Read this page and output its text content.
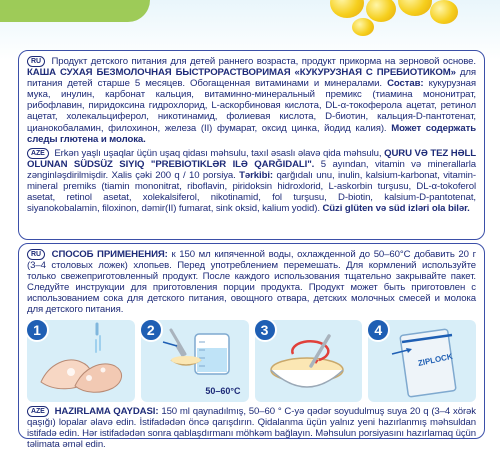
RU Продукт детского питания для детей раннего возраста, продукт прикорма на зерновой основе. КАША СУХАЯ БЕЗМОЛОЧНАЯ БЫСТРОРАСТВОРИМАЯ «КУКУРУЗНАЯ С ПРЕБИОТИКОМ» для питания детей старше 5 месяцев. Обогащенная витаминами и минералами. Состав: кукурузная мука, инулин, карбонат кальция, витаминно-минеральный премикс (тиамина мононитрат, рибофлавин, пиридоксина гидрохлорид, L-аскорбиновая кислота, DL-α-токоферола ацетат, ретинол ацетат, холекальциферол, никотинамид, фолиевая кислота, D-биотин, кальция-D-пантотенат, цианокобаламин, филохинон, железа (II) фумарат, оксид цинка, йодид калия). Может содержать следы глютена и молока.

AZE Erkən yaşlı uşaqlar üçün uşaq qidası məhsulu, taxıl əsaslı əlavə qida məhsulu, QURU VƏ TEZ HƏLL OLUNAN SÜDSÜZ SIYIQ "PREBIOTIKLƏR ILƏ QARĞIDALI". 5 ayından, vitamin və minerallarla zənginləşdirilmişdir. Xalis çəki 200 q / 10 porsiya. Tərkibi: qarğıdalı unu, inulin, kalsium-karbonat, vitamin-mineral premiks (tiamin mononitrat, riboflavin, piridoksin hidroxlorid, L-askorbin turşusu, DL-α-tokoferol asetat, retinol asetat, xolekalsiferol, nikotinamid, fol turşusu, D-biotin, kalsium-D-pantotenat, siyanokobalamin, filoxinon, dəmir(II) fumarat, sink oksid, kalium yodid). Cüzi glüten və süd izləri ola bilər.

RU СПОСОБ ПРИМЕНЕНИЯ: к 150 мл кипяченной воды, охлажденной до 50–60°С добавить 20 г (3–4 столовых ложек) хлопьев. Перед употреблением перемешать. Для кормлений используйте только свежеприготовленный продукт. После каждого использования тщательно закрывайте пакет. Следуйте инструкции для приготовления порции продукта. Продукт может быть приготовлен с использованием сока для детского питания, овощного отвара, детских молочных смесей и молока для детского питания.

1	2
50–60°C
3	4
ZIPLOCK

AZE HAZIRLAMA QAYDASI: 150 ml qaynadılmış, 50–60 ° C-yə qədər soyudulmuş suya 20 q (3–4 xörək qaşığı) lopalar əlavə edin. İstifadədən öncə qarışdırın. Qidalanma üçün yalnız yeni hazırlanmış məhsuldan istifadə edin. Hər istifadədən sonra qablaşdırmanı möhkəm bağlayın. Məhsulun porsiyasını hazırlamaq üçün təlimata əməl edin.
